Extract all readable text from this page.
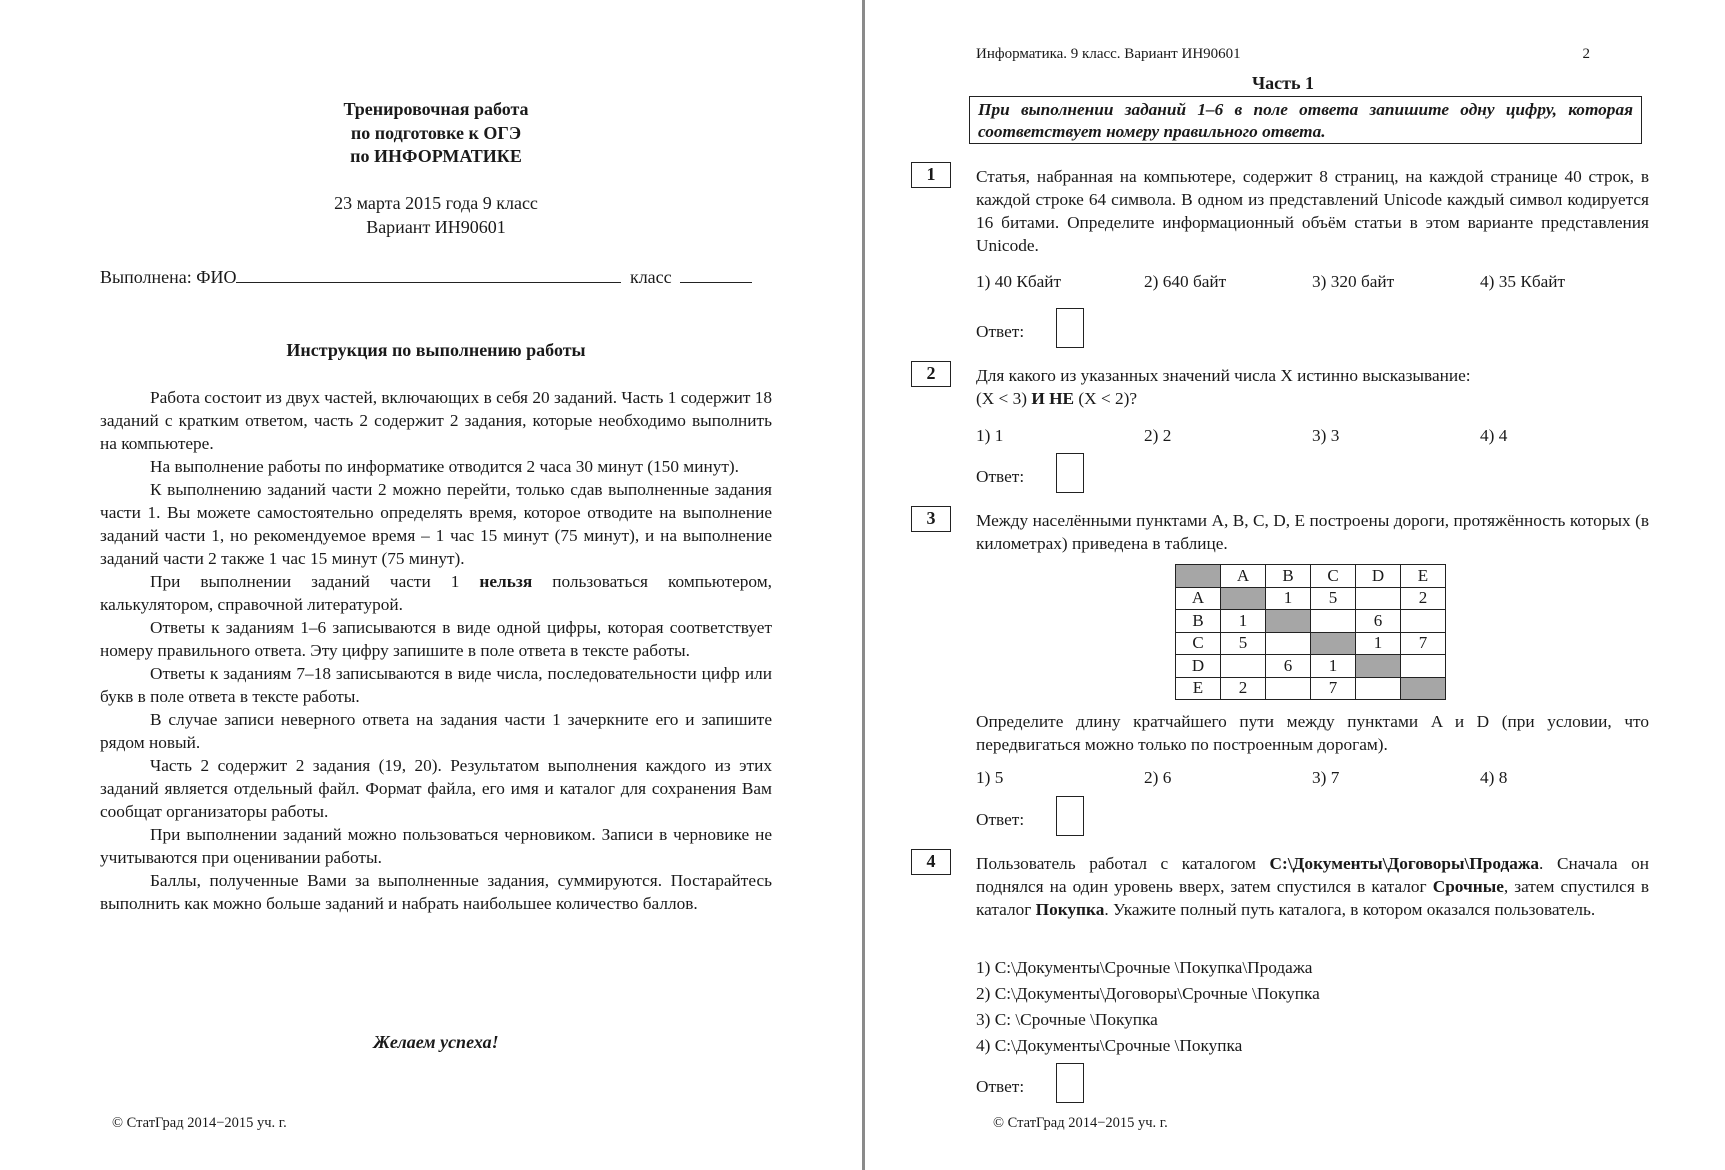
Тренировочная работа
по подготовке к ОГЭ
по ИНФОРМАТИКЕ
23 марта 2015 года 9 класс
Вариант ИН90601
Выполнена: ФИО	класс
Инструкция по выполнению работы

Работа состоит из двух частей, включающих в себя 20 заданий. Часть 1 содержит 18 заданий с кратким ответом, часть 2 содержит 2 задания, которые необходимо выполнить на компьютере.

На выполнение работы по информатике отводится 2 часа 30 минут (150 минут).

К выполнению заданий части 2 можно перейти, только сдав выполненные задания части 1. Вы можете самостоятельно определять время, которое отводите на выполнение заданий части 1, но рекомендуемое время – 1 час 15 минут (75 минут), и на выполнение заданий части 2 также 1 час 15 минут (75 минут).

При выполнении заданий части 1 нельзя пользоваться компьютером, калькулятором, справочной литературой.

Ответы к заданиям 1–6 записываются в виде одной цифры, которая соответствует номеру правильного ответа. Эту цифру запишите в поле ответа в тексте работы.

Ответы к заданиям 7–18 записываются в виде числа, последовательности цифр или букв в поле ответа в тексте работы.

В случае записи неверного ответа на задания части 1 зачеркните его и запишите рядом новый.

Часть 2 содержит 2 задания (19, 20). Результатом выполнения каждого из этих заданий является отдельный файл. Формат файла, его имя и каталог для сохранения Вам сообщат организаторы работы.

При выполнении заданий можно пользоваться черновиком. Записи в черновике не учитываются при оценивании работы.

Баллы, полученные Вами за выполненные задания, суммируются. Постарайтесь выполнить как можно больше заданий и набрать наибольшее количество баллов.

Желаем успеха!
© СтатГрад 2014−2015 уч. г.
Информатика. 9 класс. Вариант ИН90601	2
Часть 1
При выполнении заданий 1–6 в поле ответа запишите одну цифру, которая соответствует номеру правильного ответа.
1	Статья, набранная на компьютере, содержит 8 страниц, на каждой странице 40 строк, в каждой строке 64 символа. В одном из представлений Unicode каждый символ кодируется 16 битами. Определите информационный объём статьи в этом варианте представления Unicode.
1) 40 Кбайт	2) 640 байт	3) 320 байт	4) 35 Кбайт
Ответ:
2	Для какого из указанных значений числа X истинно высказывание:

(X < 3) И НЕ (X < 2)?

1) 1	2) 2	3) 3	4) 4
Ответ:
3	Между населёнными пунктами A, B, C, D, E построены дороги, протяжённость которых (в километрах) приведена в таблице.
	A	B	C	D	E
A		1	5		2
B	1			6	
C	5			1	7
D		6	1		
E	2		7		
Определите длину кратчайшего пути между пунктами A и D (при условии, что передвигаться можно только по построенным дорогам).
1) 5	2) 6	3) 7	4) 8
Ответ:
4	Пользователь работал с каталогом C:\Документы\Договоры\Продажа. Сначала он поднялся на один уровень вверх, затем спустился в каталог Срочные, затем спустился в каталог Покупка. Укажите полный путь каталога, в котором оказался пользователь.
1) C:\Документы\Срочные \Покупка\Продажа
2) C:\Документы\Договоры\Срочные \Покупка
3) C: \Срочные \Покупка
4) C:\Документы\Срочные \Покупка
Ответ:
© СтатГрад 2014−2015 уч. г.
